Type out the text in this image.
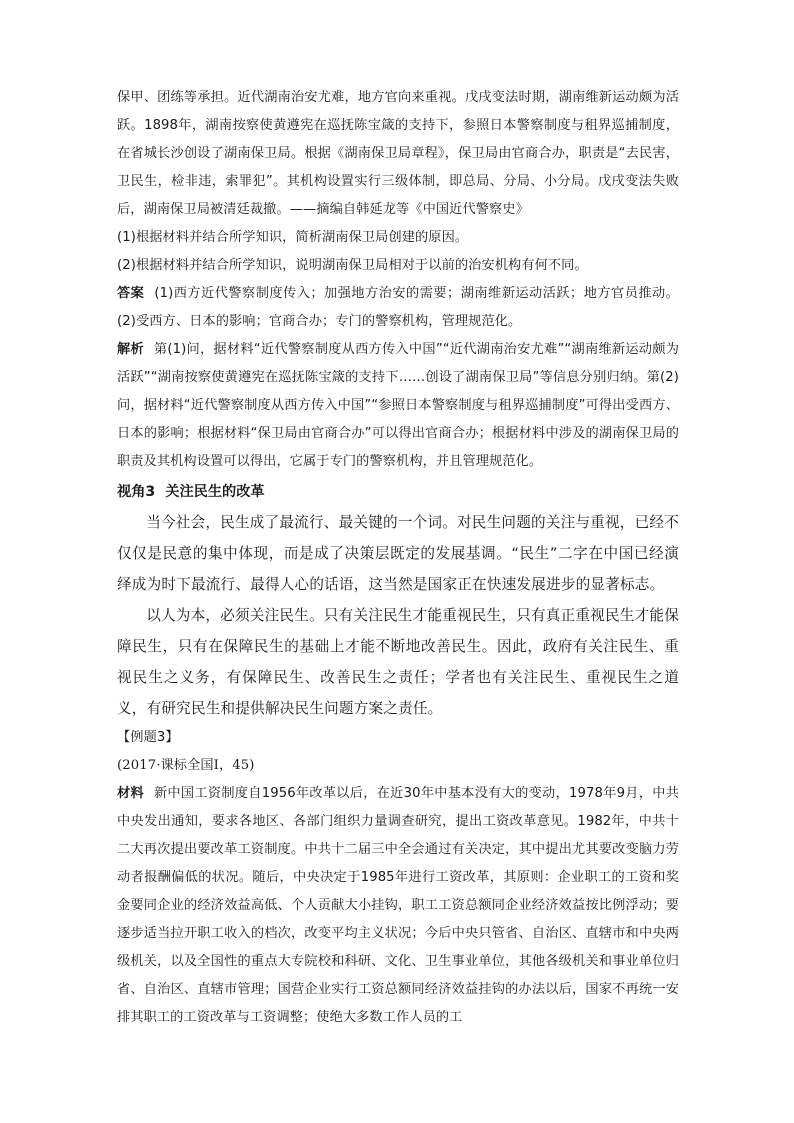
保甲、团练等承担。近代湖南治安尤难，地方官向来重视。戊戌变法时期，湖南维新运动颇为活跃。1898年，湖南按察使黄遵宪在巡抚陈宝箴的支持下，参照日本警察制度与租界巡捕制度，在省城长沙创设了湖南保卫局。根据《湖南保卫局章程》，保卫局由官商合办，职责是“去民害，卫民生，检非违，索罪犯”。其机构设置实行三级体制，即总局、分局、小分局。戊戌变法失败后，湖南保卫局被清廷裁撤。——摘编自韩延龙等《中国近代警察史》

(1)根据材料并结合所学知识，简析湖南保卫局创建的原因。

(2)根据材料并结合所学知识，说明湖南保卫局相对于以前的治安机构有何不同。

答案 (1)西方近代警察制度传入；加强地方治安的需要；湖南维新运动活跃；地方官员推动。(2)受西方、日本的影响；官商合办；专门的警察机构，管理规范化。

解析 第(1)问，据材料“近代警察制度从西方传入中国”“近代湖南治安尤难”“湖南维新运动颇为活跃”“湖南按察使黄遵宪在巡抚陈宝箴的支持下……创设了湖南保卫局”等信息分别归纳。第(2)问，据材料“近代警察制度从西方传入中国”“参照日本警察制度与租界巡捕制度”可得出受西方、日本的影响；根据材料“保卫局由官商合办”可以得出官商合办；根据材料中涉及的湖南保卫局的职责及其机构设置可以得出，它属于专门的警察机构，并且管理规范化。

视角3 关注民生的改革

当今社会，民生成了最流行、最关键的一个词。对民生问题的关注与重视，已经不仅仅是民意的集中体现，而是成了决策层既定的发展基调。“民生”二字在中国已经演绎成为时下最流行、最得人心的话语，这当然是国家正在快速发展进步的显著标志。

以人为本，必须关注民生。只有关注民生才能重视民生，只有真正重视民生才能保障民生，只有在保障民生的基础上才能不断地改善民生。因此，政府有关注民生、重视民生之义务，有保障民生、改善民生之责任；学者也有关注民生、重视民生之道义，有研究民生和提供解决民生问题方案之责任。

【例题3】

(2017·课标全国Ⅰ，45)

材料 新中国工资制度自1956年改革以后，在近30年中基本没有大的变动，1978年9月，中共中央发出通知，要求各地区、各部门组织力量调查研究，提出工资改革意见。1982年，中共十二大再次提出要改革工资制度。中共十二届三中全会通过有关决定，其中提出尤其要改变脑力劳动者报酬偏低的状况。随后，中央决定于1985年进行工资改革，其原则：企业职工的工资和奖金要同企业的经济效益高低、个人贡献大小挂钩，职工工资总额同企业经济效益按比例浮动；要逐步适当拉开职工收入的档次，改变平均主义状况；今后中央只管省、自治区、直辖市和中央两级机关，以及全国性的重点大专院校和科研、文化、卫生事业单位，其他各级机关和事业单位归省、自治区、直辖市管理；国营企业实行工资总额同经济效益挂钩的办法以后，国家不再统一安排其职工的工资改革与工资调整；使绝大多数工作人员的工
